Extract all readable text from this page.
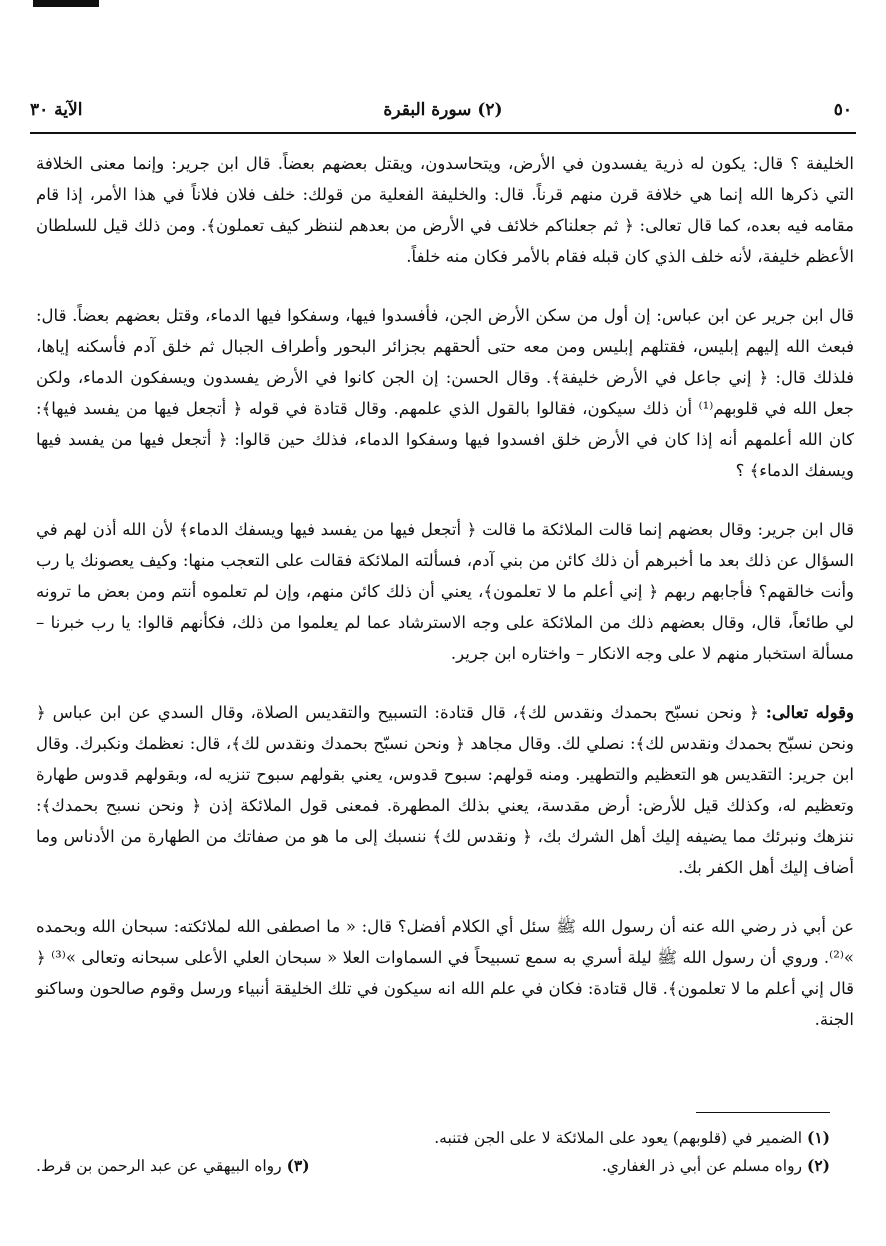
الآية ٣٠	(٢) سورة البقرة	٥٠

الخليفة ؟ قال: يكون له ذرية يفسدون في الأرض، ويتحاسدون، ويقتل بعضهم بعضاً. قال ابن جرير: وإنما معنى الخلافة التي ذكرها الله إنما هي خلافة قرن منهم قرناً. قال: والخليفة الفعلية من قولك: خلف فلان فلاناً في هذا الأمر، إذا قام مقامه فيه بعده، كما قال تعالى: ﴿ ثم جعلناكم خلائف في الأرض من بعدهم لننظر كيف تعملون﴾. ومن ذلك قيل للسلطان الأعظم خليفة، لأنه خلف الذي كان قبله فقام بالأمر فكان منه خلفاً.

قال ابن جرير عن ابن عباس: إن أول من سكن الأرض الجن، فأفسدوا فيها، وسفكوا فيها الدماء، وقتل بعضهم بعضاً. قال: فبعث الله إليهم إبليس، فقتلهم إبليس ومن معه حتى ألحقهم بجزائر البحور وأطراف الجبال ثم خلق آدم فأسكنه إياها، فلذلك قال: ﴿ إني جاعل في الأرض خليفة﴾. وقال الحسن: إن الجن كانوا في الأرض يفسدون ويسفكون الدماء، ولكن جعل الله في قلوبهم⁽¹⁾ أن ذلك سيكون، فقالوا بالقول الذي علمهم. وقال قتادة في قوله ﴿ أتجعل فيها من يفسد فيها﴾: كان الله أعلمهم أنه إذا كان في الأرض خلق افسدوا فيها وسفكوا الدماء، فذلك حين قالوا: ﴿ أتجعل فيها من يفسد فيها ويسفك الدماء﴾ ؟

قال ابن جرير: وقال بعضهم إنما قالت الملائكة ما قالت ﴿ أتجعل فيها من يفسد فيها ويسفك الدماء﴾ لأن الله أذن لهم في السؤال عن ذلك بعد ما أخبرهم أن ذلك كائن من بني آدم، فسألته الملائكة فقالت على التعجب منها: وكيف يعصونك يا رب وأنت خالقهم؟ فأجابهم ربهم ﴿ إني أعلم ما لا تعلمون﴾، يعني أن ذلك كائن منهم، وإن لم تعلموه أنتم ومن بعض ما ترونه لي طائعاً، قال، وقال بعضهم ذلك من الملائكة على وجه الاسترشاد عما لم يعلموا من ذلك، فكأنهم قالوا: يا رب خبرنا – مسألة استخبار منهم لا على وجه الانكار – واختاره ابن جرير.

وقوله تعالى: ﴿ ونحن نسبّح بحمدك ونقدس لك﴾، قال قتادة: التسبيح والتقديس الصلاة، وقال السدي عن ابن عباس ﴿ ونحن نسبّح بحمدك ونقدس لك﴾: نصلي لك. وقال مجاهد ﴿ ونحن نسبّح بحمدك ونقدس لك﴾، قال: نعظمك ونكبرك. وقال ابن جرير: التقديس هو التعظيم والتطهير. ومنه قولهم: سبوح قدوس، يعني بقولهم سبوح تنزيه له، وبقولهم قدوس طهارة وتعظيم له، وكذلك قيل للأرض: أرض مقدسة، يعني بذلك المطهرة. فمعنى قول الملائكة إذن ﴿ ونحن نسبح بحمدك﴾: ننزهك ونبرئك مما يضيفه إليك أهل الشرك بك، ﴿ ونقدس لك﴾ ننسبك إلى ما هو من صفاتك من الطهارة من الأدناس وما أضاف إليك أهل الكفر بك.

عن أبي ذر رضي الله عنه أن رسول الله ﷺ سئل أي الكلام أفضل؟ قال: « ما اصطفى الله لملائكته: سبحان الله وبحمده »⁽²⁾. وروي أن رسول الله ﷺ ليلة أسري به سمع تسبيحاً في السماوات العلا « سبحان العلي الأعلى سبحانه وتعالى »⁽³⁾ ﴿ قال إني أعلم ما لا تعلمون﴾. قال قتادة: فكان في علم الله انه سيكون في تلك الخليقة أنبياء ورسل وقوم صالحون وساكنو الجنة.

(١) الضمير في (قلوبهم) يعود على الملائكة لا على الجن فتنبه.
(٢) رواه مسلم عن أبي ذر الغفاري.
(٣) رواه البيهقي عن عبد الرحمن بن قرط.
